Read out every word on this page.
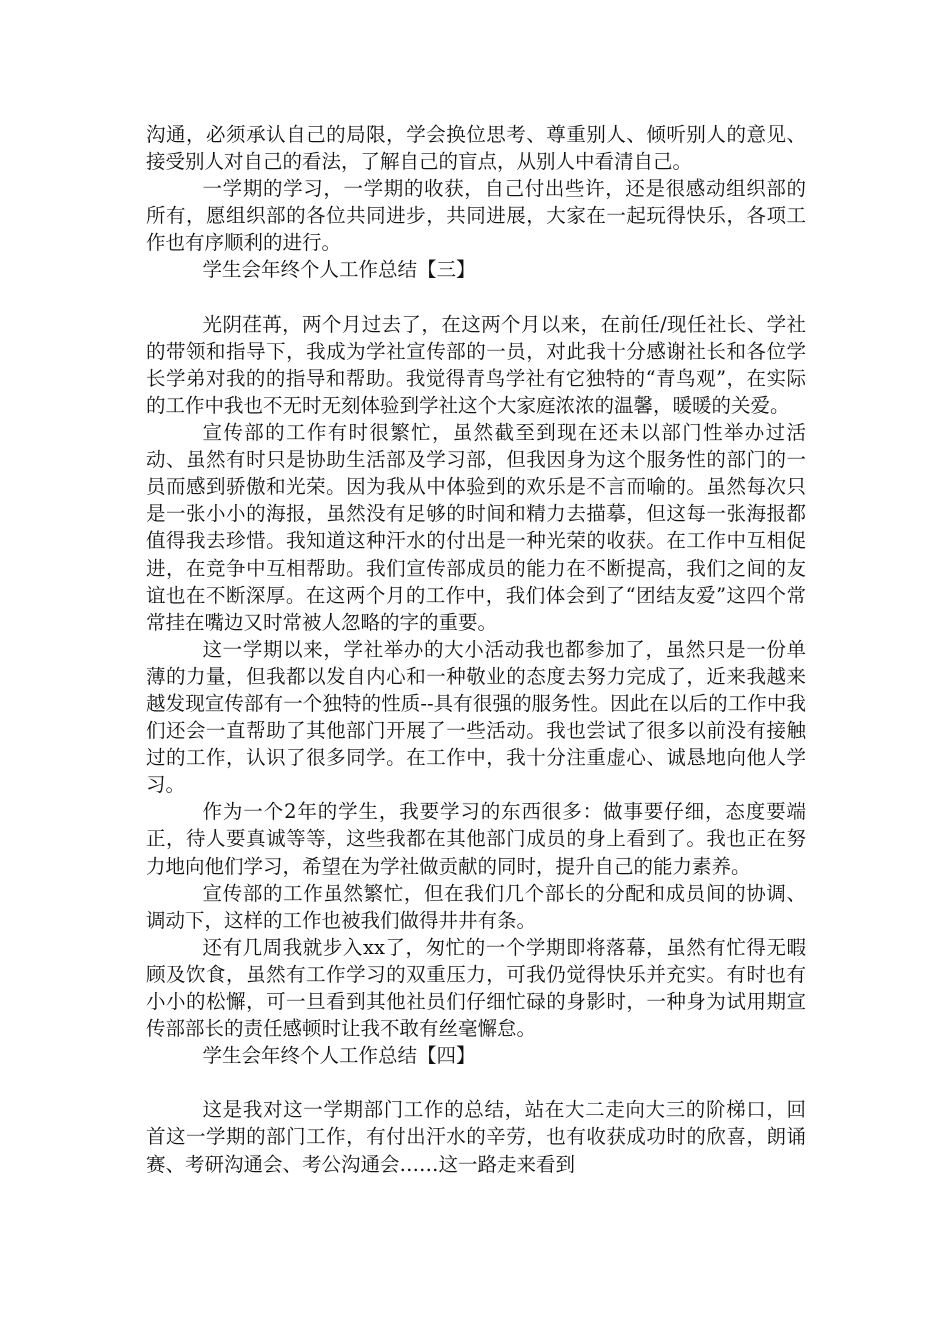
沟通，必须承认自己的局限，学会换位思考、尊重别人、倾听别人的意见、接受别人对自己的看法，了解自己的盲点，从别人中看清自己。

一学期的学习，一学期的收获，自己付出些许，还是很感动组织部的所有，愿组织部的各位共同进步，共同进展，大家在一起玩得快乐，各项工作也有序顺利的进行。

学生会年终个人工作总结【三】

光阴荏苒，两个月过去了，在这两个月以来，在前任/现任社长、学社的带领和指导下，我成为学社宣传部的一员，对此我十分感谢社长和各位学长学弟对我的的指导和帮助。我觉得青鸟学社有它独特的“青鸟观”，在实际的工作中我也不无时无刻体验到学社这个大家庭浓浓的温馨，暖暖的关爱。

宣传部的工作有时很繁忙，虽然截至到现在还未以部门性举办过活动、虽然有时只是协助生活部及学习部，但我因身为这个服务性的部门的一员而感到骄傲和光荣。因为我从中体验到的欢乐是不言而喻的。虽然每次只是一张小小的海报，虽然没有足够的时间和精力去描摹，但这每一张海报都值得我去珍惜。我知道这种汗水的付出是一种光荣的收获。在工作中互相促进，在竞争中互相帮助。我们宣传部成员的能力在不断提高，我们之间的友谊也在不断深厚。在这两个月的工作中，我们体会到了“团结友爱”这四个常常挂在嘴边又时常被人忽略的字的重要。

这一学期以来，学社举办的大小活动我也都参加了，虽然只是一份单薄的力量，但我都以发自内心和一种敬业的态度去努力完成了，近来我越来越发现宣传部有一个独特的性质--具有很强的服务性。因此在以后的工作中我们还会一直帮助了其他部门开展了一些活动。我也尝试了很多以前没有接触过的工作，认识了很多同学。在工作中，我十分注重虚心、诚恳地向他人学习。

作为一个2年的学生，我要学习的东西很多：做事要仔细，态度要端正，待人要真诚等等，这些我都在其他部门成员的身上看到了。我也正在努力地向他们学习，希望在为学社做贡献的同时，提升自己的能力素养。

宣传部的工作虽然繁忙，但在我们几个部长的分配和成员间的协调、调动下，这样的工作也被我们做得井井有条。

还有几周我就步入xx了，匆忙的一个学期即将落幕，虽然有忙得无暇顾及饮食，虽然有工作学习的双重压力，可我仍觉得快乐并充实。有时也有小小的松懈，可一旦看到其他社员们仔细忙碌的身影时，一种身为试用期宣传部部长的责任感顿时让我不敢有丝毫懈怠。

学生会年终个人工作总结【四】

这是我对这一学期部门工作的总结，站在大二走向大三的阶梯口，回首这一学期的部门工作，有付出汗水的辛劳，也有收获成功时的欣喜，朗诵赛、考研沟通会、考公沟通会……这一路走来看到
